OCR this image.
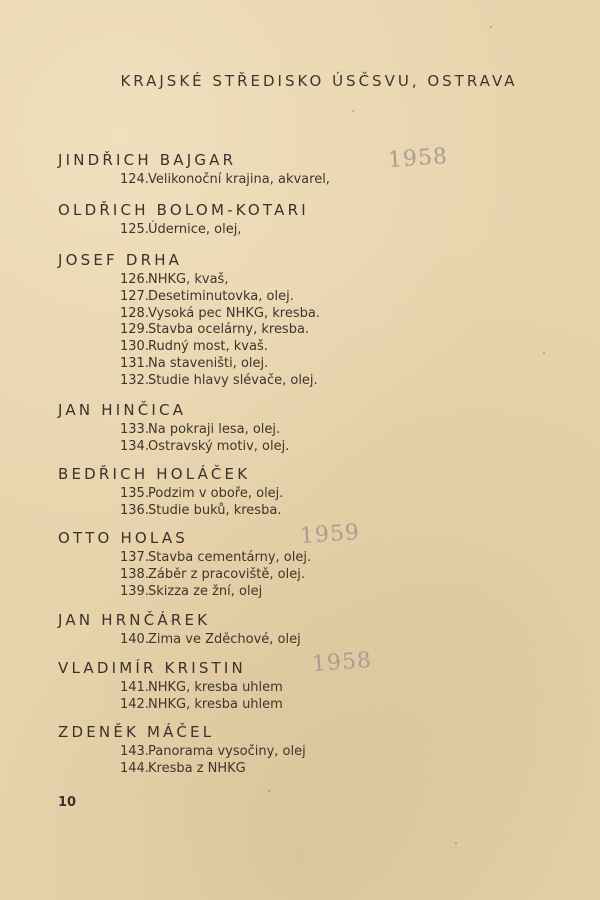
KRAJSKÉ STŘEDISKO ÚSČSVU, OSTRAVA
JINDŘICH BAJGAR
124.Velikonoční krajina, akvarel,
OLDŘICH BOLOM-KOTARI
125.Údernice, olej,
JOSEF DRHA
126.NHKG, kvaš,
127.Desetiminutovka, olej.
128.Vysoká pec NHKG, kresba.
129.Stavba ocelárny, kresba.
130.Rudný most, kvaš.
131.Na staveništi, olej.
132.Studie hlavy slévače, olej.
JAN HINČICA
133.Na pokraji lesa, olej.
134.Ostravský motiv, olej.
BEDŘICH HOLÁČEK
135.Podzim v oboře, olej.
136.Studie buků, kresba.
OTTO HOLAS
137.Stavba cementárny, olej.
138.Záběr z pracoviště, olej.
139.Skizza ze žní, olej
JAN HRNČÁREK
140.Zima ve Zděchové, olej
VLADIMÍR KRISTIN
141.NHKG, kresba uhlem
142.NHKG, kresba uhlem
ZDENĚK MÁČEL
143.Panorama vysočiny, olej
144.Kresba z NHKG
1958
1959
1958
10
